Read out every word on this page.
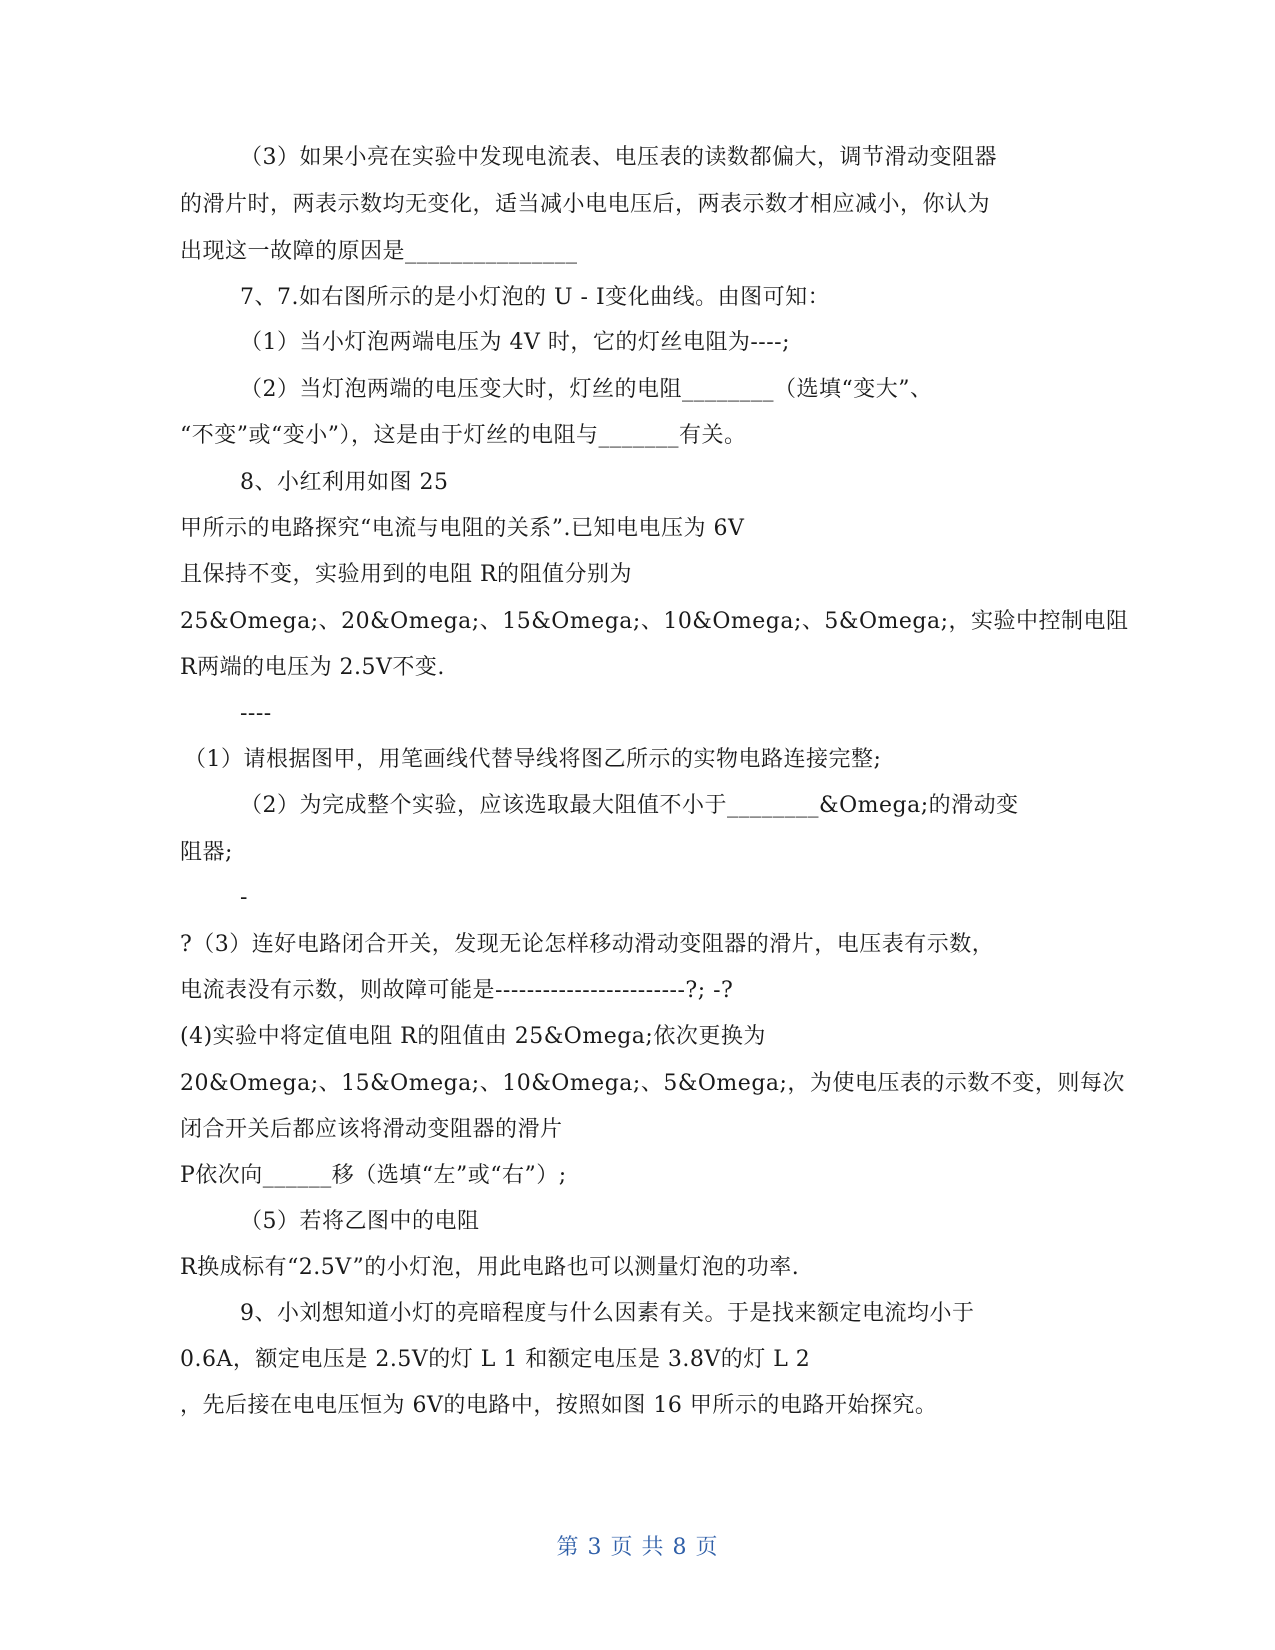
（3）如果小亮在实验中发现电流表、电压表的读数都偏大，调节滑动变阻器
的滑片时，两表示数均无变化，适当减小电电压后，两表示数才相应减小，你认为
出现这一故障的原因是_______________
7、7.如右图所示的是小灯泡的 U - I变化曲线。由图可知：
（1）当小灯泡两端电压为 4V 时，它的灯丝电阻为----;
（2）当灯泡两端的电压变大时，灯丝的电阻________（选填“变大”、
“不变”或“变小”），这是由于灯丝的电阻与_______有关。
8、小红利用如图 25
甲所示的电路探究“电流与电阻的关系”.已知电电压为 6V
且保持不变，实验用到的电阻 R的阻值分别为
25&Omega;、20&Omega;、15&Omega;、10&Omega;、5&Omega;，实验中控制电阻
R两端的电压为 2.5V不变.
----
（1）请根据图甲，用笔画线代替导线将图乙所示的实物电路连接完整;
（2）为完成整个实验，应该选取最大阻值不小于________&Omega;的滑动变
阻器;
-
?（3）连好电路闭合开关，发现无论怎样移动滑动变阻器的滑片，电压表有示数，
电流表没有示数，则故障可能是------------------------?; -?
(4)实验中将定值电阻 R的阻值由 25&Omega;依次更换为
20&Omega;、15&Omega;、10&Omega;、5&Omega;，为使电压表的示数不变，则每次
闭合开关后都应该将滑动变阻器的滑片
P依次向______移（选填“左”或“右”）;
（5）若将乙图中的电阻
R换成标有“2.5V”的小灯泡，用此电路也可以测量灯泡的功率.
9、小刘想知道小灯的亮暗程度与什么因素有关。于是找来额定电流均小于
0.6A，额定电压是 2.5V的灯 L 1 和额定电压是 3.8V的灯 L 2
，先后接在电电压恒为 6V的电路中，按照如图 16 甲所示的电路开始探究。
第 3 页 共 8 页
